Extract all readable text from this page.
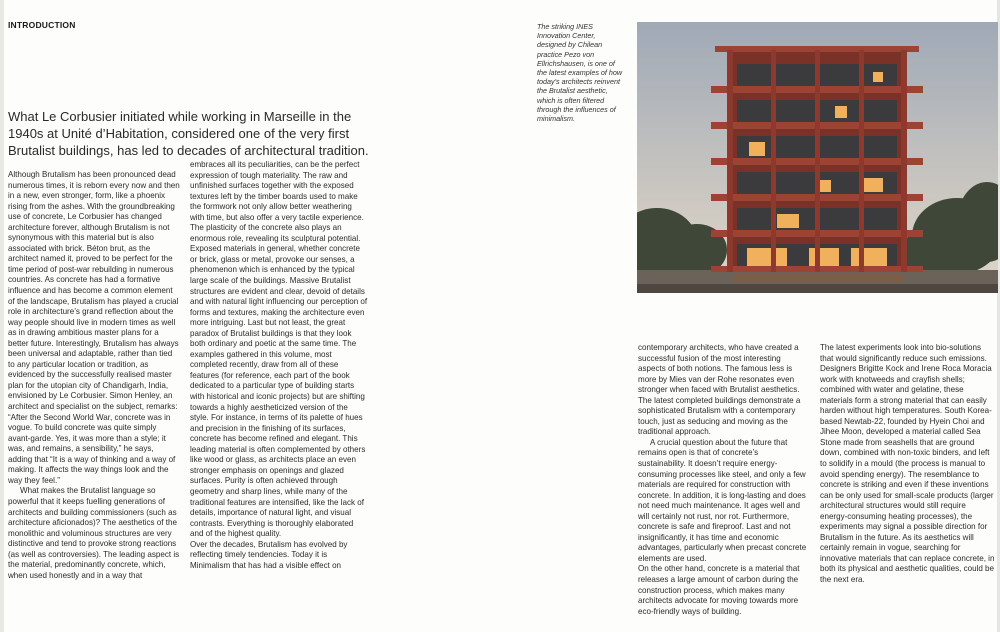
INTRODUCTION
What Le Corbusier initiated while working in Marseille in the 1940s at Unité d’Habitation, considered one of the very first Brutalist buildings, has led to decades of architectural tradition.

Although Brutalism has been pronounced dead numerous times, it is reborn every now and then in a new, even stronger, form, like a phoenix rising from the ashes. With the groundbreaking use of concrete, Le Corbusier has changed architecture forever, although Brutalism is not synonymous with this material but is also associated with brick. Béton brut, as the architect named it, proved to be perfect for the time period of post-war rebuilding in numerous countries. As concrete has had a formative influence and has become a common element of the landscape, Brutalism has played a crucial role in architecture’s grand reflection about the way people should live in modern times as well as in drawing ambitious master plans for a better future. Interestingly, Brutalism has always been universal and adaptable, rather than tied to any particular location or tradition, as evidenced by the successfully realised master plan for the utopian city of Chandigarh, India, envisioned by Le Corbusier. Simon Henley, an architect and specialist on the subject, remarks: “After the Second World War, concrete was in vogue. To build concrete was quite simply avant-garde. Yes, it was more than a style; it was, and remains, a sensibility,” he says, adding that “It is a way of thinking and a way of making. It affects the way things look and the way they feel.”

What makes the Brutalist language so powerful that it keeps fuelling generations of architects and building commissioners (such as architecture aficionados)? The aesthetics of the monolithic and voluminous structures are very distinctive and tend to provoke strong reactions (as well as controversies). The leading aspect is the material, predominantly concrete, which, when used honestly and in a way that

embraces all its peculiarities, can be the perfect expression of tough materiality. The raw and unfinished surfaces together with the exposed textures left by the timber boards used to make the formwork not only allow better weathering with time, but also offer a very tactile experience. The plasticity of the concrete also plays an enormous role, revealing its sculptural potential. Exposed materials in general, whether concrete or brick, glass or metal, provoke our senses, a phenomenon which is enhanced by the typical large scale of the buildings. Massive Brutalist structures are evident and clear, devoid of details and with natural light influencing our perception of forms and textures, making the architecture even more intriguing. Last but not least, the great paradox of Brutalist buildings is that they look both ordinary and poetic at the same time. The examples gathered in this volume, most completed recently, draw from all of these features (for reference, each part of the book dedicated to a particular type of building starts with historical and iconic projects) but are shifting towards a highly aestheticized version of the style. For instance, in terms of its palette of hues and precision in the finishing of its surfaces, concrete has become refined and elegant. This leading material is often complemented by others like wood or glass, as architects place an even stronger emphasis on openings and glazed surfaces. Purity is often achieved through geometry and sharp lines, while many of the traditional features are intensified, like the lack of details, importance of natural light, and visual contrasts. Everything is thoroughly elaborated and of the highest quality.

Over the decades, Brutalism has evolved by reflecting timely tendencies. Today it is Minimalism that has had a visible effect on

The striking INES Innovation Center, designed by Chilean practice Pezo von Ellrichshausen, is one of the latest examples of how today’s architects reinvent the Brutalist aesthetic, which is often filtered through the influences of minimalism.

contemporary architects, who have created a successful fusion of the most interesting aspects of both notions. The famous less is more by Mies van der Rohe resonates even stronger when faced with Brutalist aesthetics. The latest completed buildings demonstrate a sophisticated Brutalism with a contemporary touch, just as seducing and moving as the traditional approach.

A crucial question about the future that remains open is that of concrete’s sustainability. It doesn’t require energy-consuming processes like steel, and only a few materials are required for construction with concrete. In addition, it is long-lasting and does not need much maintenance. It ages well and will certainly not rust, nor rot. Furthermore, concrete is safe and fireproof. Last and not insignificantly, it has time and economic advantages, particularly when precast concrete elements are used.

On the other hand, concrete is a material that releases a large amount of carbon during the construction process, which makes many architects advocate for moving towards more eco-friendly ways of building.

The latest experiments look into bio-solutions that would significantly reduce such emissions. Designers Brigitte Kock and Irene Roca Moracia work with knotweeds and crayfish shells; combined with water and gelatine, these materials form a strong material that can easily harden without high temperatures. South Korea-based Newtab-22, founded by Hyein Choi and Jihee Moon, developed a material called Sea Stone made from seashells that are ground down, combined with non-toxic binders, and left to solidify in a mould (the process is manual to avoid spending energy). The resemblance to concrete is striking and even if these inventions can be only used for small-scale products (larger architectural structures would still require energy-consuming heating processes), the experiments may signal a possible direction for Brutalism in the future. As its aesthetics will certainly remain in vogue, searching for innovative materials that can replace concrete, in both its physical and aesthetic qualities, could be the next era.
